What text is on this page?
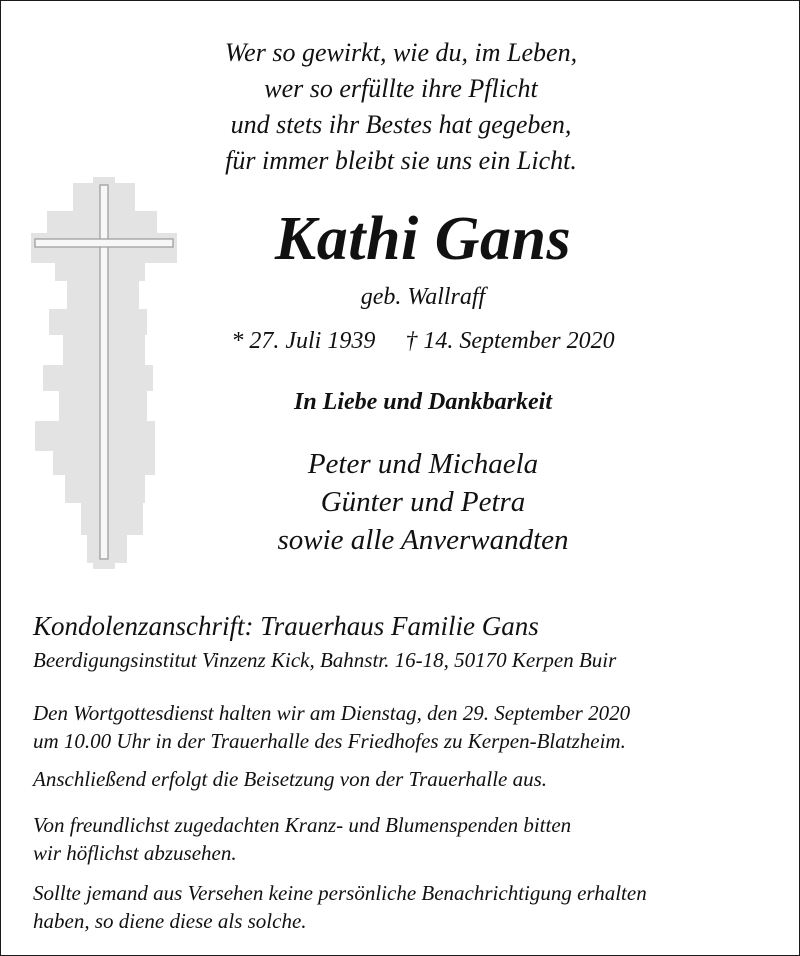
Wer so gewirkt, wie du, im Leben,
wer so erfüllte ihre Pflicht
und stets ihr Bestes hat gegeben,
für immer bleibt sie uns ein Licht.
Kathi Gans
geb. Wallraff
* 27. Juli 1939 † 14. September 2020
In Liebe und Dankbarkeit
Peter und Michaela
Günter und Petra
sowie alle Anverwandten
Kondolenzanschrift: Trauerhaus Familie Gans
Beerdigungsinstitut Vinzenz Kick, Bahnstr. 16-18, 50170 Kerpen Buir
Den Wortgottesdienst halten wir am Dienstag, den 29. September 2020
um 10.00 Uhr in der Trauerhalle des Friedhofes zu Kerpen-Blatzheim.
Anschließend erfolgt die Beisetzung von der Trauerhalle aus.
Von freundlichst zugedachten Kranz- und Blumenspenden bitten
wir höflichst abzusehen.
Sollte jemand aus Versehen keine persönliche Benachrichtigung erhalten
haben, so diene diese als solche.
